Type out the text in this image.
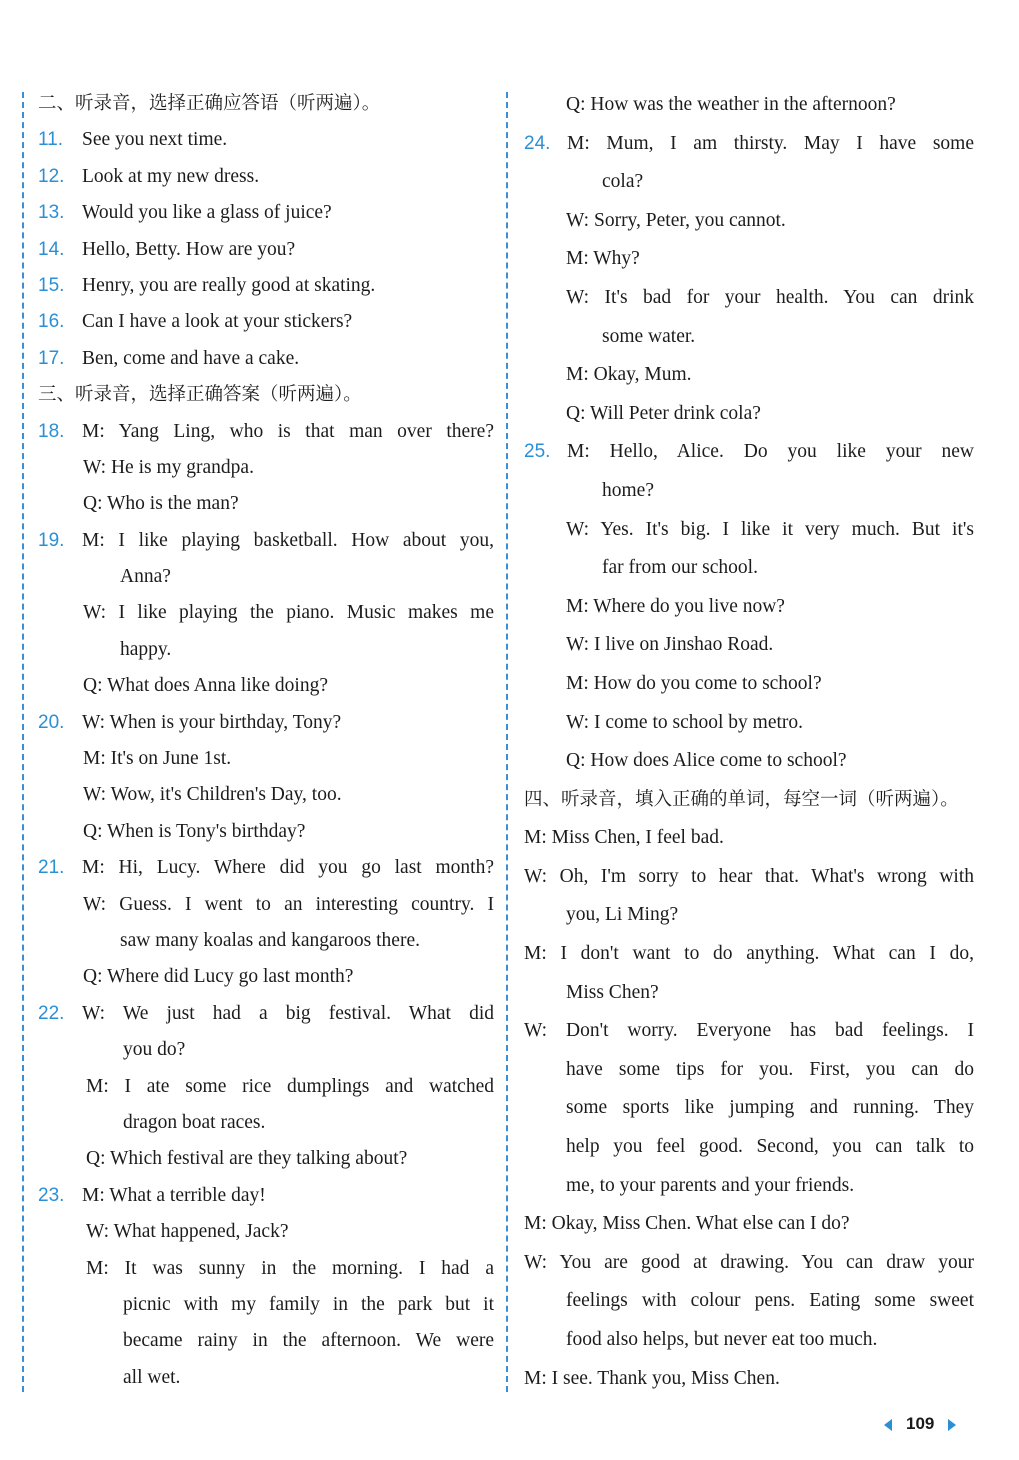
二、听录音，选择正确应答语（听两遍）。
11. See you next time.
12. Look at my new dress.
13. Would you like a glass of juice?
14. Hello, Betty. How are you?
15. Henry, you are really good at skating.
16. Can I have a look at your stickers?
17. Ben, come and have a cake.
三、听录音，选择正确答案（听两遍）。
18. M: Yang Ling, who is that man over there?
W: He is my grandpa.
Q: Who is the man?
19. M: I like playing basketball. How about you,
Anna?
W: I like playing the piano. Music makes me
happy.
Q: What does Anna like doing?
20. W: When is your birthday, Tony?
M: It's on June 1st.
W: Wow, it's Children's Day, too.
Q: When is Tony's birthday?
21. M: Hi, Lucy. Where did you go last month?
W: Guess. I went to an interesting country. I
saw many koalas and kangaroos there.
Q: Where did Lucy go last month?
22. W: We just had a big festival. What did
you do?
M: I ate some rice dumplings and watched
dragon boat races.
Q: Which festival are they talking about?
23. M: What a terrible day!
W: What happened, Jack?
M: It was sunny in the morning. I had a
picnic with my family in the park but it
became rainy in the afternoon. We were
all wet.
Q: How was the weather in the afternoon?
24. M: Mum, I am thirsty. May I have some
cola?
W: Sorry, Peter, you cannot.
M: Why?
W: It's bad for your health. You can drink
some water.
M: Okay, Mum.
Q: Will Peter drink cola?
25. M: Hello, Alice. Do you like your new
home?
W: Yes. It's big. I like it very much. But it's
far from our school.
M: Where do you live now?
W: I live on Jinshao Road.
M: How do you come to school?
W: I come to school by metro.
Q: How does Alice come to school?
四、听录音，填入正确的单词，每空一词（听两遍）。
M: Miss Chen, I feel bad.
W: Oh, I'm sorry to hear that. What's wrong with
you, Li Ming?
M: I don't want to do anything. What can I do,
Miss Chen?
W: Don't worry. Everyone has bad feelings. I
have some tips for you. First, you can do
some sports like jumping and running. They
help you feel good. Second, you can talk to
me, to your parents and your friends.
M: Okay, Miss Chen. What else can I do?
W: You are good at drawing. You can draw your
feelings with colour pens. Eating some sweet
food also helps, but never eat too much.
M: I see. Thank you, Miss Chen.
109
